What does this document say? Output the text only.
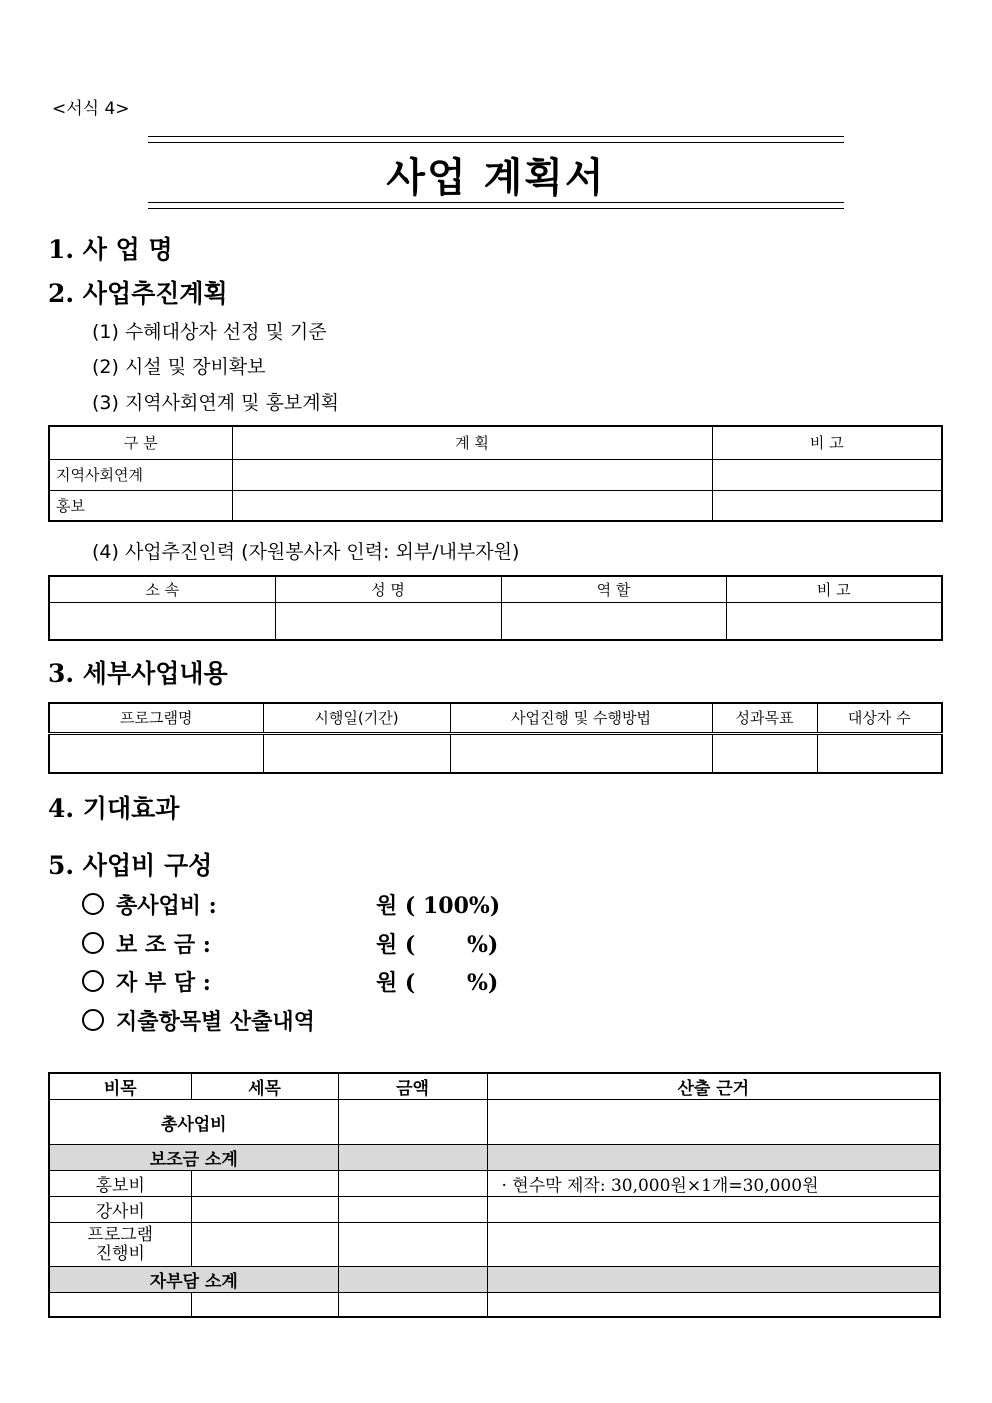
<서식 4>
사업 계획서
1. 사 업 명
2. 사업추진계획
(1) 수혜대상자 선정 및 기준
(2) 시설 및 장비확보
(3) 지역사회연계 및 홍보계획
구 분	계 획	비 고
지역사회연계		
홍보		
(4) 사업추진인력 (자원봉사자 인력: 외부/내부자원)
소 속	성 명	역 할	비 고

3. 세부사업내용
프로그램명	시행일(기간)	사업진행 및 수행방법	성과목표	대상자 수

4. 기대효과
5. 사업비 구성
총사업비 :	원 ( 100%)
보 조 금 :	원 (　　 %)
자 부 담 :	원 (　　 %)
지출항목별 산출내역
비목	세목	금액	산출 근거
총사업비			
보조금 소계			
홍보비			· 현수막 제작: 30,000원×1개=30,000원
강사비			
프로그램
진행비			
자부담 소계			
